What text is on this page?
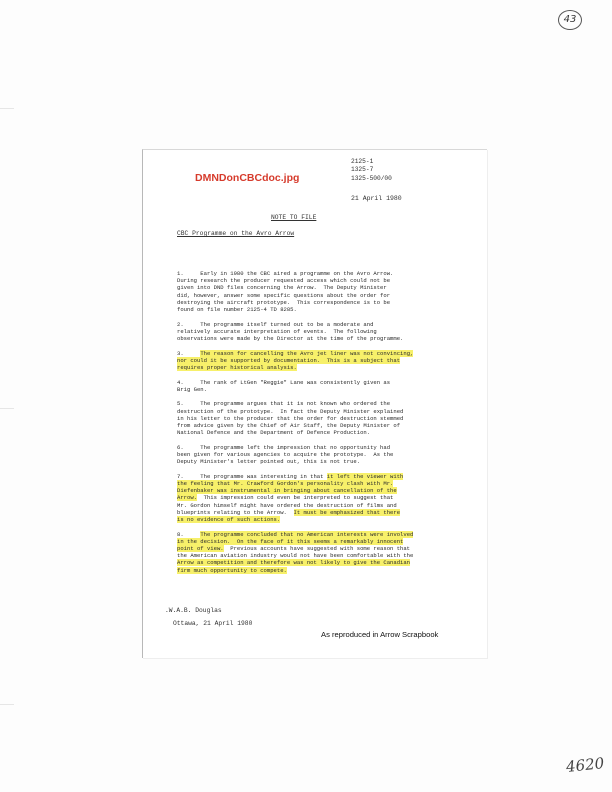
43
4620
2125-1
1325-7
1325-500/00
DMNDonCBCdoc.jpg
21 April 1980
NOTE TO FILE
CBC Programme on the Avro Arrow

1.     Early in 1980 the CBC aired a programme on the Avro Arrow.
During research the producer requested access which could not be
given into DND files concerning the Arrow.  The Deputy Minister
did, however, answer some specific questions about the order for
destroying the aircraft prototype.  This correspondence is to be
found on file number 2125-4 TD 8285.

2.     The programme itself turned out to be a moderate and
relatively accurate interpretation of events.  The following
observations were made by the Director at the time of the programme.

3.     The reason for cancelling the Avro jet liner was not convincing,
nor could it be supported by documentation.  This is a subject that
requires proper historical analysis.

4.     The rank of LtGen "Reggie" Lane was consistently given as
Brig Gen.

5.     The programme argues that it is not known who ordered the
destruction of the prototype.  In fact the Deputy Minister explained
in his letter to the producer that the order for destruction stemmed
from advice given by the Chief of Air Staff, the Deputy Minister of
National Defence and the Department of Defence Production.

6.     The programme left the impression that no opportunity had
been given for various agencies to acquire the prototype.  As the
Deputy Minister's letter pointed out, this is not true.

7.     The programme was interesting in that it left the viewer with
the feeling that Mr. Crawford Gordon's personality clash with Mr.
Diefenbaker was instrumental in bringing about cancellation of the
Arrow.  This impression could even be interpreted to suggest that
Mr. Gordon himself might have ordered the destruction of films and
blueprints relating to the Arrow.  It must be emphasized that there
is no evidence of such actions.

8.     The programme concluded that no American interests were involved
in the decision.  On the face of it this seems a remarkably innocent
point of view.  Previous accounts have suggested with some reason that
the American aviation industry would not have been comfortable with the
Arrow as competition and therefore was not likely to give the Canadian
firm much opportunity to compete.

.W.A.B. Douglas
Ottawa, 21 April 1980
As reproduced in Arrow Scrapbook
